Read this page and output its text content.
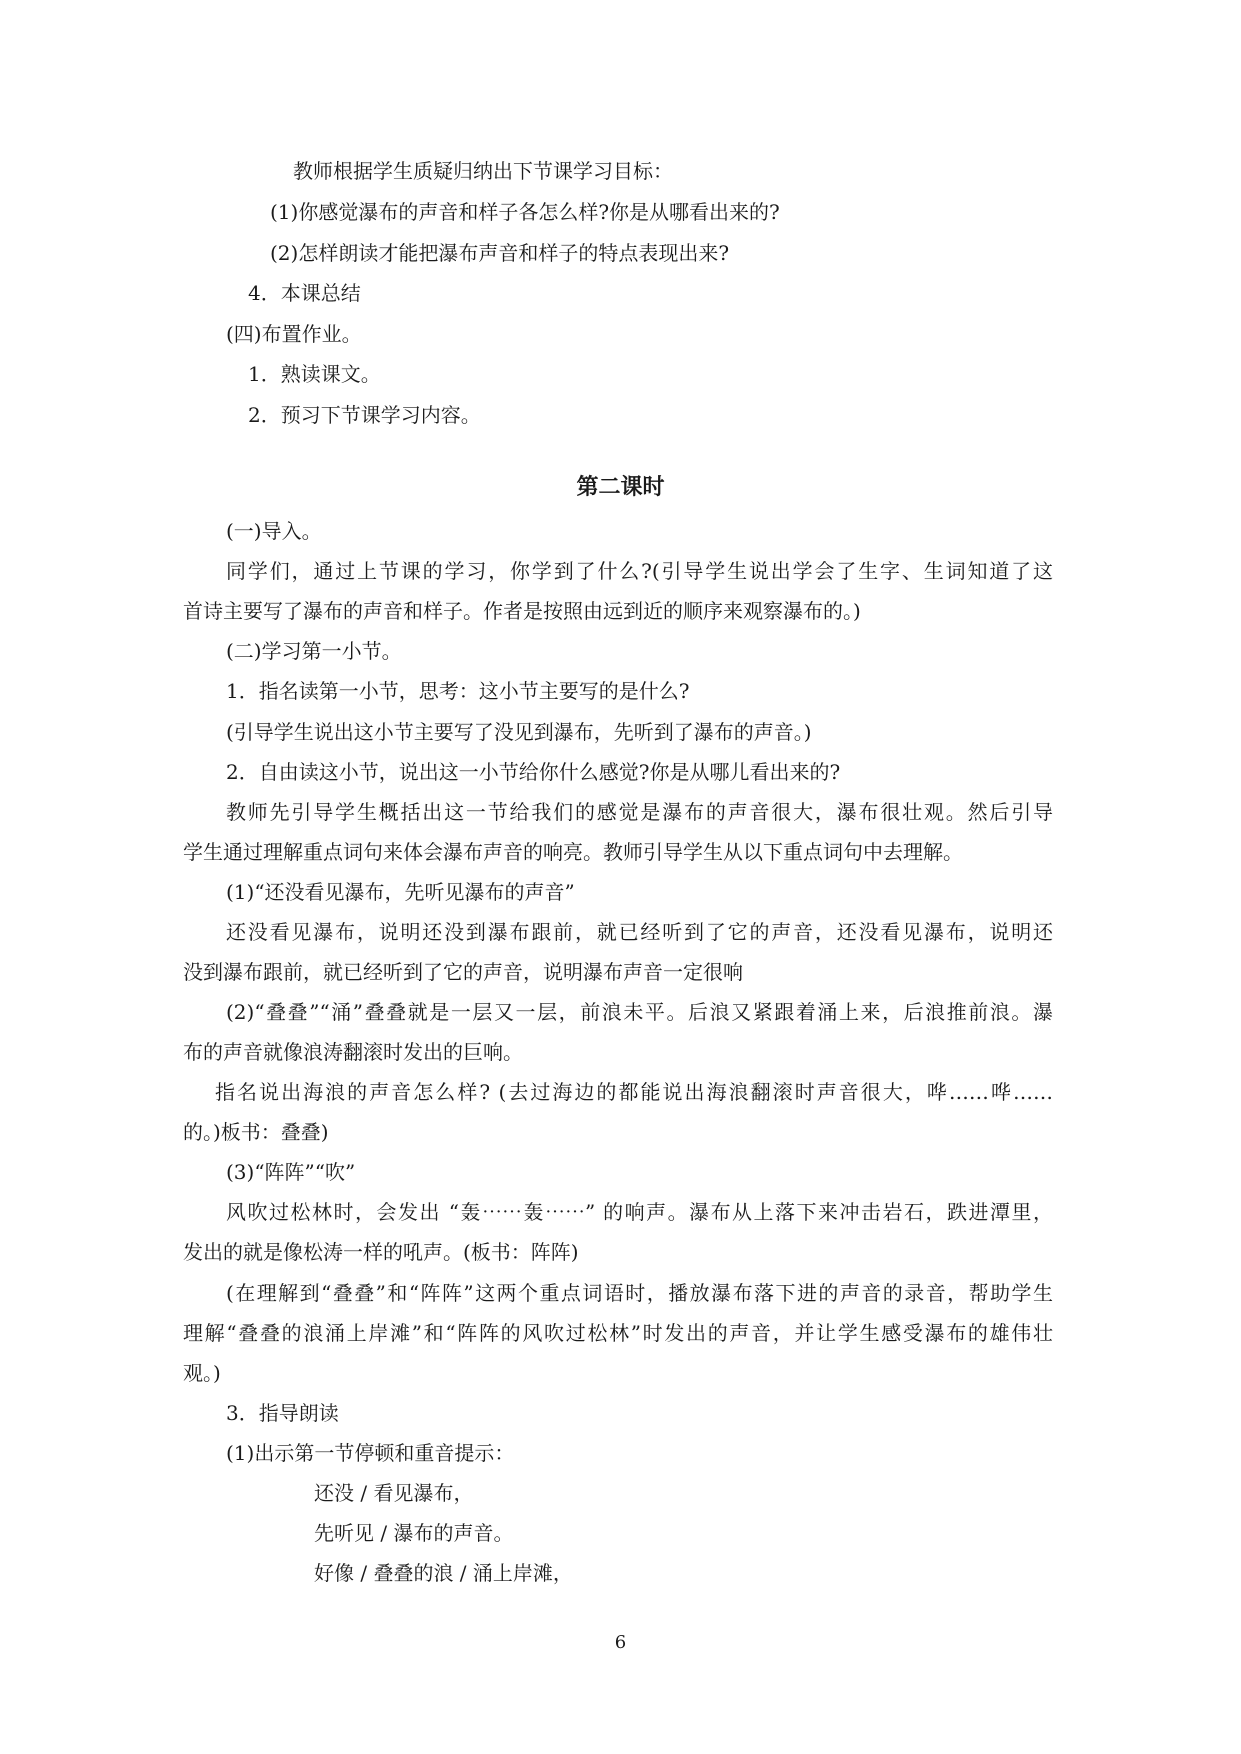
教师根据学生质疑归纳出下节课学习目标：
(1)你感觉瀑布的声音和样子各怎么样?你是从哪看出来的?
(2)怎样朗读才能把瀑布声音和样子的特点表现出来?
4．本课总结
(四)布置作业。
1．熟读课文。
2．预习下节课学习内容。
第二课时
(一)导入。
同学们，通过上节课的学习，你学到了什么?(引导学生说出学会了生字、生词知道了这
首诗主要写了瀑布的声音和样子。作者是按照由远到近的顺序来观察瀑布的。)
(二)学习第一小节。
1．指名读第一小节，思考：这小节主要写的是什么?
(引导学生说出这小节主要写了没见到瀑布，先听到了瀑布的声音。)
2．自由读这小节，说出这一小节给你什么感觉?你是从哪儿看出来的?
教师先引导学生概括出这一节给我们的感觉是瀑布的声音很大，瀑布很壮观。然后引导
学生通过理解重点词句来体会瀑布声音的响亮。教师引导学生从以下重点词句中去理解。
(1)“还没看见瀑布，先听见瀑布的声音”
还没看见瀑布，说明还没到瀑布跟前，就已经听到了它的声音，还没看见瀑布，说明还
没到瀑布跟前，就已经听到了它的声音，说明瀑布声音一定很响
(2)“叠叠”“涌”叠叠就是一层又一层，前浪未平。后浪又紧跟着涌上来，后浪推前浪。瀑
布的声音就像浪涛翻滚时发出的巨响。
指名说出海浪的声音怎么样? (去过海边的都能说出海浪翻滚时声音很大，哗……哗……
的。)板书：叠叠)
(3)“阵阵”“吹”
风吹过松林时，会发出 “轰⋯⋯轰⋯⋯” 的响声。瀑布从上落下来冲击岩石，跌进潭里，
发出的就是像松涛一样的吼声。(板书：阵阵)
(在理解到“叠叠”和“阵阵”这两个重点词语时，播放瀑布落下进的声音的录音，帮助学生
理解“叠叠的浪涌上岸滩”和“阵阵的风吹过松林”时发出的声音，并让学生感受瀑布的雄伟壮
观。)
3．指导朗读
(1)出示第一节停顿和重音提示：
还没 / 看见瀑布，
先听见 / 瀑布的声音。
好像 / 叠叠的浪 / 涌上岸滩，
6
